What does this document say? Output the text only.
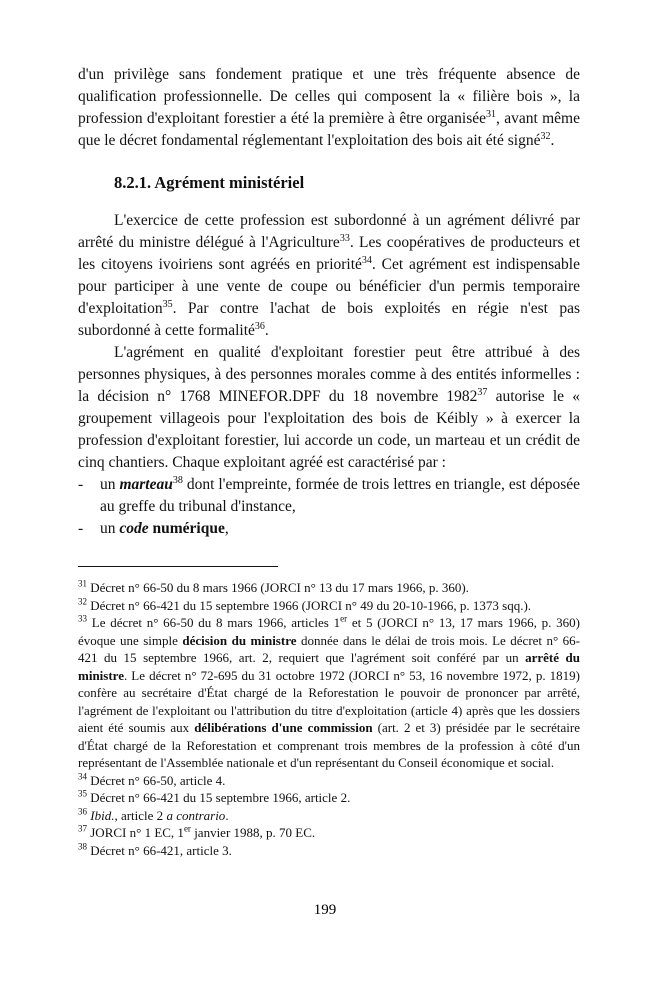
d'un privilège sans fondement pratique et une très fréquente absence de qualification professionnelle. De celles qui composent la « filière bois », la profession d'exploitant forestier a été la première à être organisée$^{31}$, avant même que le décret fondamental réglementant l'exploitation des bois ait été signé$^{32}$.

8.2.1. Agrément ministériel

L'exercice de cette profession est subordonné à un agrément délivré par arrêté du ministre délégué à l'Agriculture$^{33}$. Les coopératives de producteurs et les citoyens ivoiriens sont agréés en priorité$^{34}$. Cet agrément est indispensable pour participer à une vente de coupe ou bénéficier d'un permis temporaire d'exploitation$^{35}$. Par contre l'achat de bois exploités en régie n'est pas subordonné à cette formalité$^{36}$.

L'agrément en qualité d'exploitant forestier peut être attribué à des personnes physiques, à des personnes morales comme à des entités informelles : la décision n° 1768 MINEFOR.DPF du 18 novembre 1982$^{37}$ autorise le « groupement villageois pour l'exploitation des bois de Kéibly » à exercer la profession d'exploitant forestier, lui accorde un code, un marteau et un crédit de cinq chantiers. Chaque exploitant agréé est caractérisé par :

- un marteau$^{38}$ dont l'empreinte, formée de trois lettres en triangle, est déposée au greffe du tribunal d'instance,
- un code numérique,

$^{31}$ Décret n° 66-50 du 8 mars 1966 (JORCI n° 13 du 17 mars 1966, p. 360).

$^{32}$ Décret n° 66-421 du 15 septembre 1966 (JORCI n° 49 du 20-10-1966, p. 1373 sqq.).

$^{33}$ Le décret n° 66-50 du 8 mars 1966, articles 1er et 5 (JORCI n° 13, 17 mars 1966, p. 360) évoque une simple décision du ministre donnée dans le délai de trois mois. Le décret n° 66-421 du 15 septembre 1966, art. 2, requiert que l'agrément soit conféré par un arrêté du ministre. Le décret n° 72-695 du 31 octobre 1972 (JORCI n° 53, 16 novembre 1972, p. 1819) confère au secrétaire d'État chargé de la Reforestation le pouvoir de prononcer par arrêté, l'agrément de l'exploitant ou l'attribution du titre d'exploitation (article 4) après que les dossiers aient été soumis aux délibérations d'une commission (art. 2 et 3) présidée par le secrétaire d'État chargé de la Reforestation et comprenant trois membres de la profession à côté d'un représentant de l'Assemblée nationale et d'un représentant du Conseil économique et social.

$^{34}$ Décret n° 66-50, article 4.

$^{35}$ Décret n° 66-421 du 15 septembre 1966, article 2.

$^{36}$ Ibid., article 2 a contrario.

$^{37}$ JORCI n° 1 EC, 1er janvier 1988, p. 70 EC.

$^{38}$ Décret n° 66-421, article 3.

199
